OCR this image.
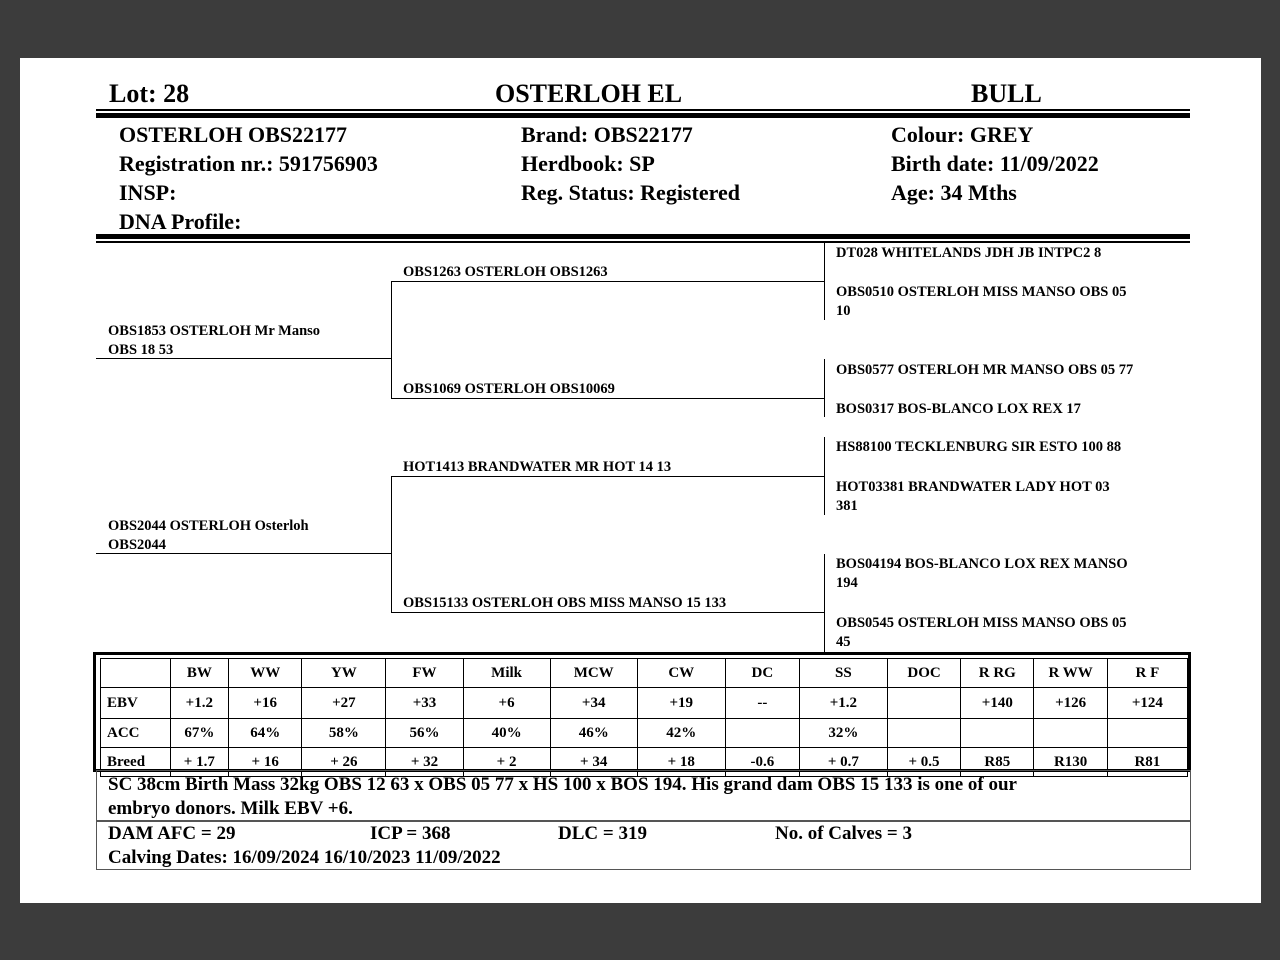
Lot: 28	OSTERLOH EL	BULL
OSTERLOH OBS22177
Registration nr.: 591756903
INSP:
DNA Profile:
Brand: OBS22177
Herdbook: SP
Reg. Status: Registered
Colour: GREY
Birth date: 11/09/2022
Age: 34 Mths
OBS1853 OSTERLOH Mr Manso
OBS 18 53
OBS2044 OSTERLOH Osterloh
OBS2044
OBS1263 OSTERLOH OBS1263
OBS1069 OSTERLOH OBS10069
HOT1413 BRANDWATER MR HOT 14 13
OBS15133 OSTERLOH OBS MISS MANSO 15 133
DT028 WHITELANDS JDH JB INTPC2 8
OBS0510 OSTERLOH MISS MANSO OBS 05
10
OBS0577 OSTERLOH MR MANSO OBS 05 77
BOS0317 BOS-BLANCO LOX REX 17
HS88100 TECKLENBURG SIR ESTO 100 88
HOT03381 BRANDWATER LADY HOT 03
381
BOS04194 BOS-BLANCO LOX REX MANSO
194
OBS0545 OSTERLOH MISS MANSO OBS 05
45
	BW	WW	YW	FW	Milk	MCW	CW	DC	SS	DOC	R RG	R WW	R F
EBV	+1.2	+16	+27	+33	+6	+34	+19	--	+1.2		+140	+126	+124
ACC	67%	64%	58%	56%	40%	46%	42%		32%				
Breed	+ 1.7	+ 16	+ 26	+ 32	+ 2	+ 34	+ 18	-0.6	+ 0.7	+ 0.5	R85	R130	R81
SC 38cm Birth Mass 32kg OBS 12 63 x OBS 05 77 x HS 100 x BOS 194. His grand dam OBS 15 133 is one of our
embryo donors. Milk EBV +6.
DAM AFC = 29	ICP = 368	DLC = 319	No. of Calves = 3
Calving Dates: 16/09/2024 16/10/2023 11/09/2022
